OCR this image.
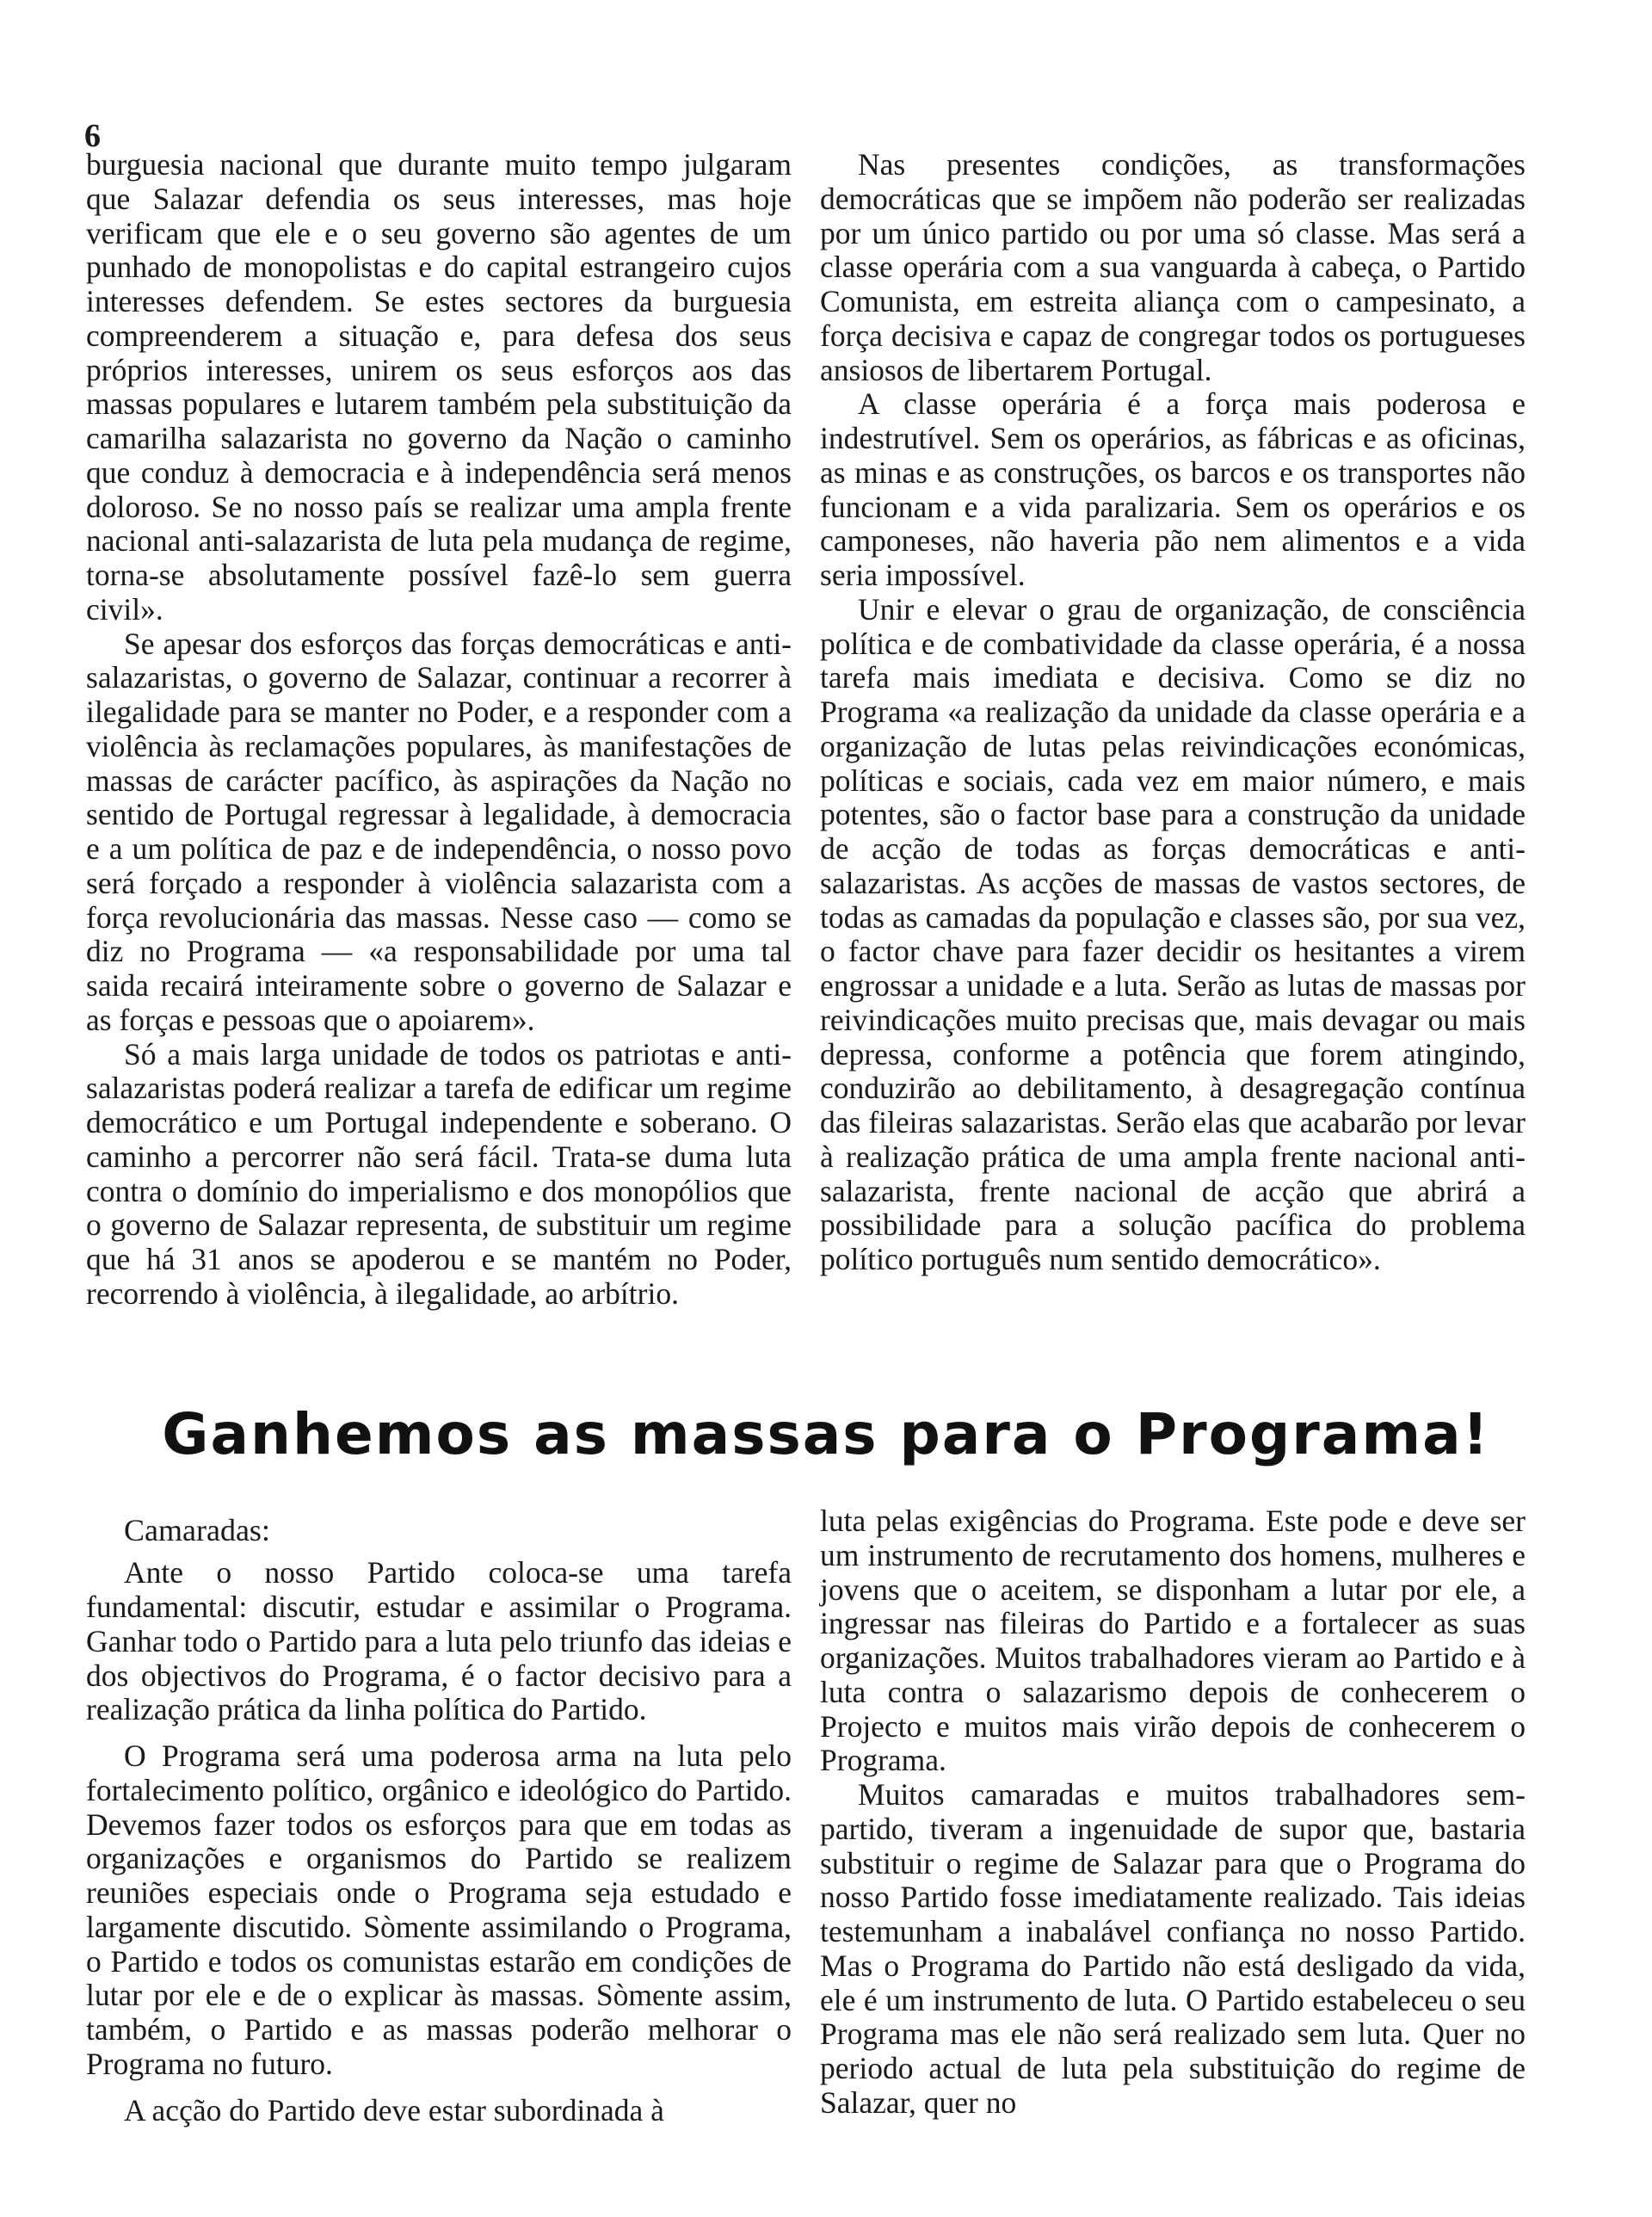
6

burguesia nacional que durante muito tempo julgaram que Salazar defendia os seus interesses, mas hoje verificam que ele e o seu governo são agentes de um punhado de monopolistas e do capital estrangeiro cujos interesses defendem. Se estes sectores da burguesia compreenderem a situação e, para defesa dos seus próprios interesses, unirem os seus esforços aos das massas populares e lutarem também pela substituição da camarilha salazarista no governo da Nação o caminho que conduz à democracia e à independência será menos doloroso. Se no nosso país se realizar uma ampla frente nacional anti-salazarista de luta pela mudança de regime, torna-se absolutamente possível fazê-lo sem guerra civil».

Se apesar dos esforços das forças democráticas e anti-salazaristas, o governo de Salazar, continuar a recorrer à ilegalidade para se manter no Poder, e a responder com a violência às reclamações populares, às manifestações de massas de carácter pacífico, às aspirações da Nação no sentido de Portugal regressar à legalidade, à democracia e a um política de paz e de independência, o nosso povo será forçado a responder à violência salazarista com a força revolucionária das massas. Nesse caso — como se diz no Programa — «a responsabilidade por uma tal saida recairá inteiramente sobre o governo de Salazar e as forças e pessoas que o apoiarem».

Só a mais larga unidade de todos os patriotas e anti-salazaristas poderá realizar a tarefa de edificar um regime democrático e um Portugal independente e soberano. O caminho a percorrer não será fácil. Trata-se duma luta contra o domínio do imperialismo e dos monopólios que o governo de Salazar representa, de substituir um regime que há 31 anos se apoderou e se mantém no Poder, recorrendo à violência, à ilegalidade, ao arbítrio.

Nas presentes condições, as transformações democráticas que se impõem não poderão ser realizadas por um único partido ou por uma só classe. Mas será a classe operária com a sua vanguarda à cabeça, o Partido Comunista, em estreita aliança com o campesinato, a força decisiva e capaz de congregar todos os portugueses ansiosos de libertarem Portugal.

A classe operária é a força mais poderosa e indestrutível. Sem os operários, as fábricas e as oficinas, as minas e as construções, os barcos e os transportes não funcionam e a vida paralizaria. Sem os operários e os camponeses, não haveria pão nem alimentos e a vida seria impossível.

Unir e elevar o grau de organização, de consciência política e de combatividade da classe operária, é a nossa tarefa mais imediata e decisiva. Como se diz no Programa «a realização da unidade da classe operária e a organização de lutas pelas reivindicações económicas, políticas e sociais, cada vez em maior número, e mais potentes, são o factor base para a construção da unidade de acção de todas as forças democráticas e anti-salazaristas. As acções de massas de vastos sectores, de todas as camadas da população e classes são, por sua vez, o factor chave para fazer decidir os hesitantes a virem engrossar a unidade e a luta. Serão as lutas de massas por reivindicações muito precisas que, mais devagar ou mais depressa, conforme a potência que forem atingindo, conduzirão ao debilitamento, à desagregação contínua das fileiras salazaristas. Serão elas que acabarão por levar à realização prática de uma ampla frente nacional anti-salazarista, frente nacional de acção que abrirá a possibilidade para a solução pacífica do problema político português num sentido democrático».

Ganhemos as massas para o Programa!

Camaradas:

Ante o nosso Partido coloca-se uma tarefa fundamental: discutir, estudar e assimilar o Programa. Ganhar todo o Partido para a luta pelo triunfo das ideias e dos objectivos do Programa, é o factor decisivo para a realização prática da linha política do Partido.

O Programa será uma poderosa arma na luta pelo fortalecimento político, orgânico e ideológico do Partido. Devemos fazer todos os esforços para que em todas as organizações e organismos do Partido se realizem reuniões especiais onde o Programa seja estudado e largamente discutido. Sòmente assimilando o Programa, o Partido e todos os comunistas estarão em condições de lutar por ele e de o explicar às massas. Sòmente assim, também, o Partido e as massas poderão melhorar o Programa no futuro.

A acção do Partido deve estar subordinada à

luta pelas exigências do Programa. Este pode e deve ser um instrumento de recrutamento dos homens, mulheres e jovens que o aceitem, se disponham a lutar por ele, a ingressar nas fileiras do Partido e a fortalecer as suas organizações. Muitos trabalhadores vieram ao Partido e à luta contra o salazarismo depois de conhecerem o Projecto e muitos mais virão depois de conhecerem o Programa.

Muitos camaradas e muitos trabalhadores sem-partido, tiveram a ingenuidade de supor que, bastaria substituir o regime de Salazar para que o Programa do nosso Partido fosse imediatamente realizado. Tais ideias testemunham a inabalável confiança no nosso Partido. Mas o Programa do Partido não está desligado da vida, ele é um instrumento de luta. O Partido estabeleceu o seu Programa mas ele não será realizado sem luta. Quer no periodo actual de luta pela substituição do regime de Salazar, quer no
